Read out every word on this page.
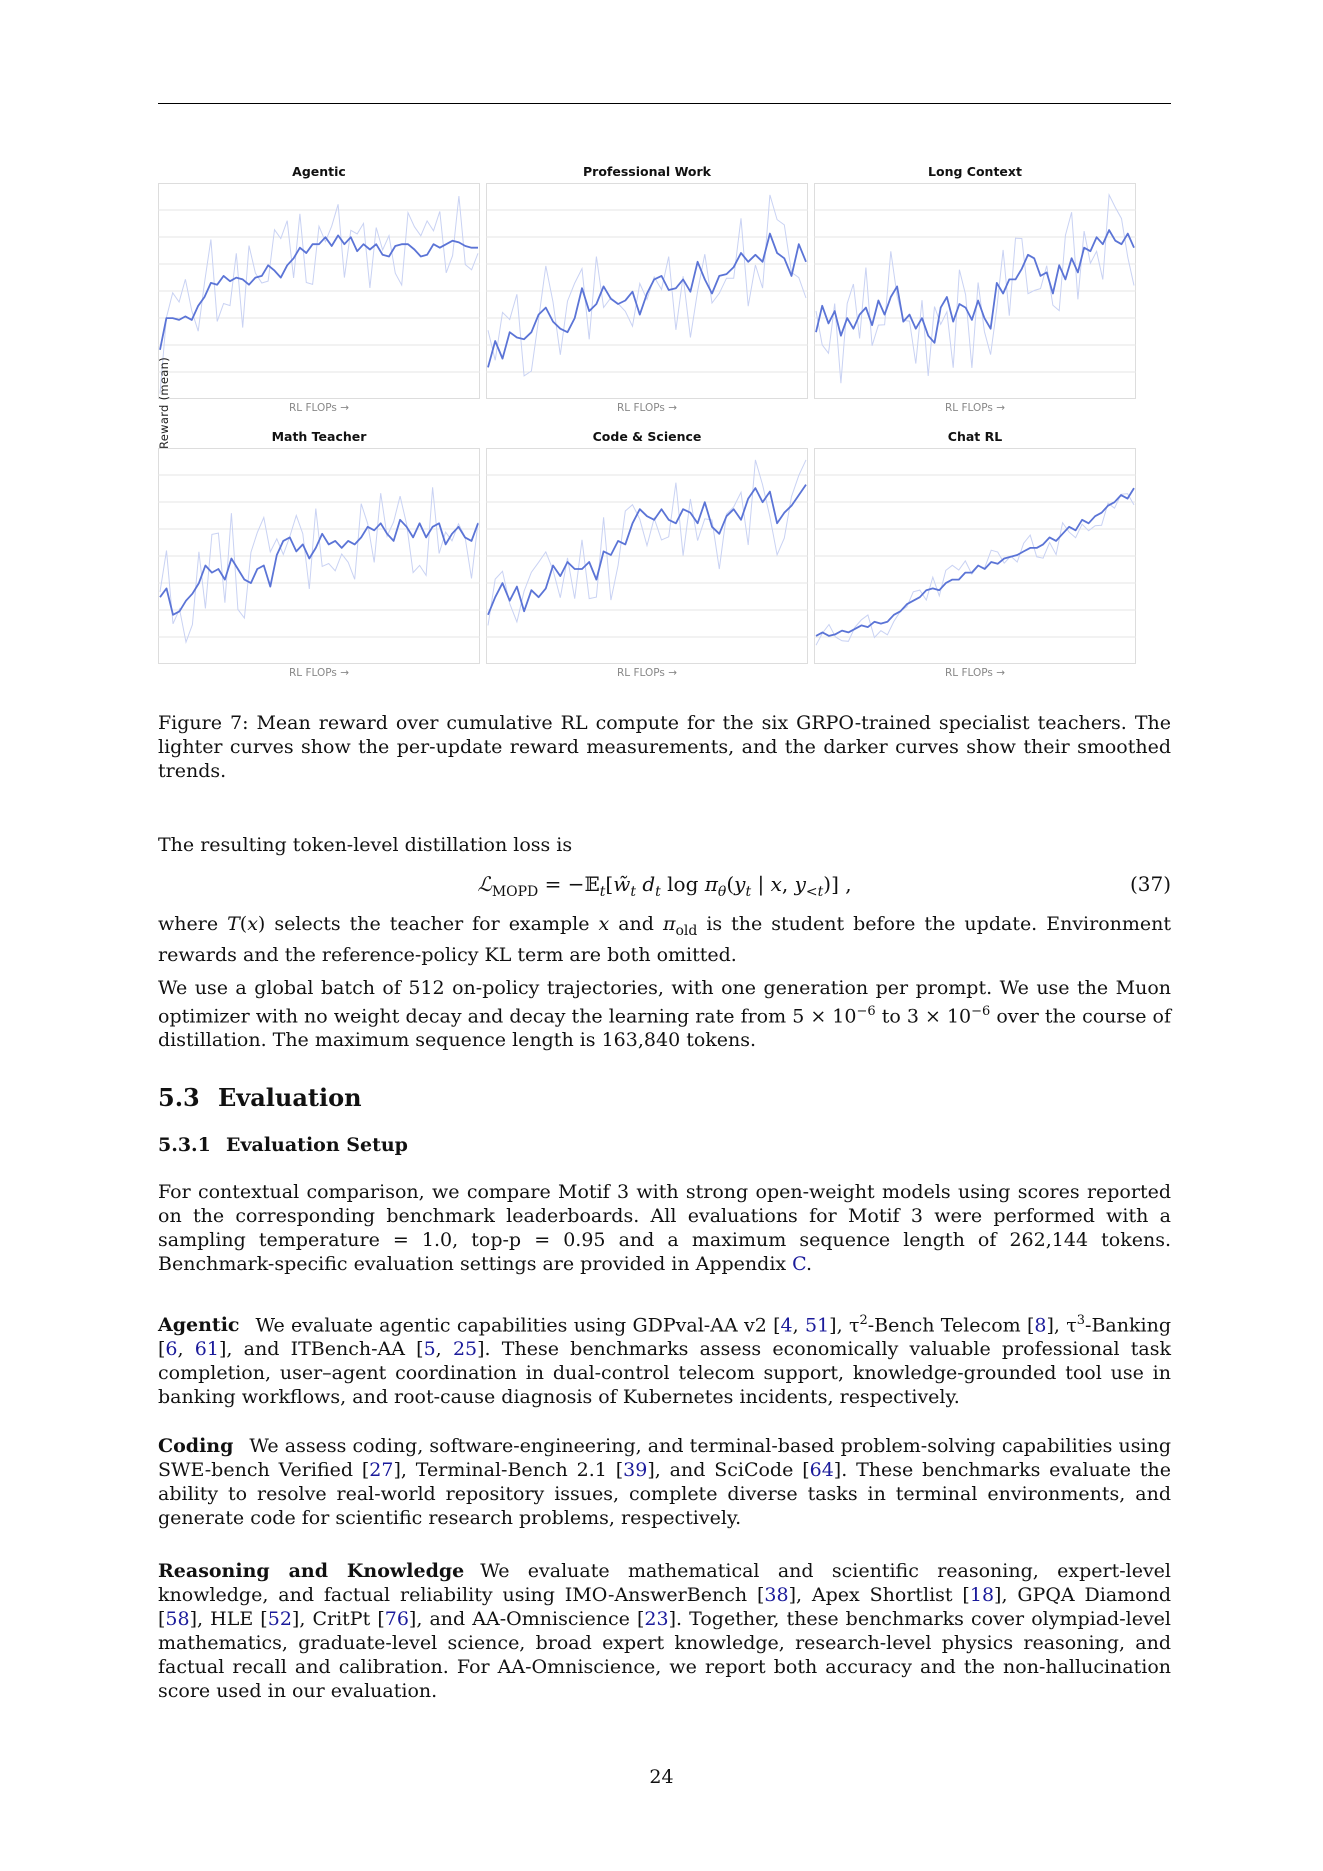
Agentic
RL FLOPs →
Professional Work
RL FLOPs →
Long Context
RL FLOPs →
Math Teacher
RL FLOPs →
Code & Science
RL FLOPs →
Chat RL
RL FLOPs →
Reward (mean)
Figure 7: Mean reward over cumulative RL compute for the six GRPO-trained specialist teachers. The lighter curves show the per-update reward measurements, and the darker curves show their smoothed trends.
The resulting token-level distillation loss is
ℒ$_{MOPD}$ = $-𝔼_t[w̃_t$ $d_t$ $\log \pi_\theta(y_t$ | x, $y_{<t}$)] ,	(37)
where T(x) selects the teacher for example x and $\pi_{old}$ is the student before the update. Environment rewards and the reference-policy KL term are both omitted.
We use a global batch of 512 on-policy trajectories, with one generation per prompt. We use the Muon optimizer with no weight decay and decay the learning rate from $5 \times 10^{-6}$ to $3 \times 10^{-6}$ over the course of distillation. The maximum sequence length is 163,840 tokens.
5.3 Evaluation
5.3.1 Evaluation Setup
For contextual comparison, we compare Motif 3 with strong open-weight models using scores reported on the corresponding benchmark leaderboards. All evaluations for Motif 3 were performed with a sampling temperature = 1.0, top-p = 0.95 and a maximum sequence length of 262,144 tokens. Benchmark-specific evaluation settings are provided in Appendix C.
Agentic We evaluate agentic capabilities using GDPval-AA v2 [4, 51], $\tau^2$-Bench Telecom [8], $\tau^3$-Banking [6, 61], and ITBench-AA [5, 25]. These benchmarks assess economically valuable professional task completion, user–agent coordination in dual-control telecom support, knowledge-grounded tool use in banking workflows, and root-cause diagnosis of Kubernetes incidents, respectively.
Coding We assess coding, software-engineering, and terminal-based problem-solving capabilities using SWE-bench Verified [27], Terminal-Bench 2.1 [39], and SciCode [64]. These benchmarks evaluate the ability to resolve real-world repository issues, complete diverse tasks in terminal environments, and generate code for scientific research problems, respectively.
Reasoning and Knowledge We evaluate mathematical and scientific reasoning, expert-level knowledge, and factual reliability using IMO-AnswerBench [38], Apex Shortlist [18], GPQA Diamond [58], HLE [52], CritPt [76], and AA-Omniscience [23]. Together, these benchmarks cover olympiad-level mathematics, graduate-level science, broad expert knowledge, research-level physics reasoning, and factual recall and calibration. For AA-Omniscience, we report both accuracy and the non-hallucination score used in our evaluation.
24
